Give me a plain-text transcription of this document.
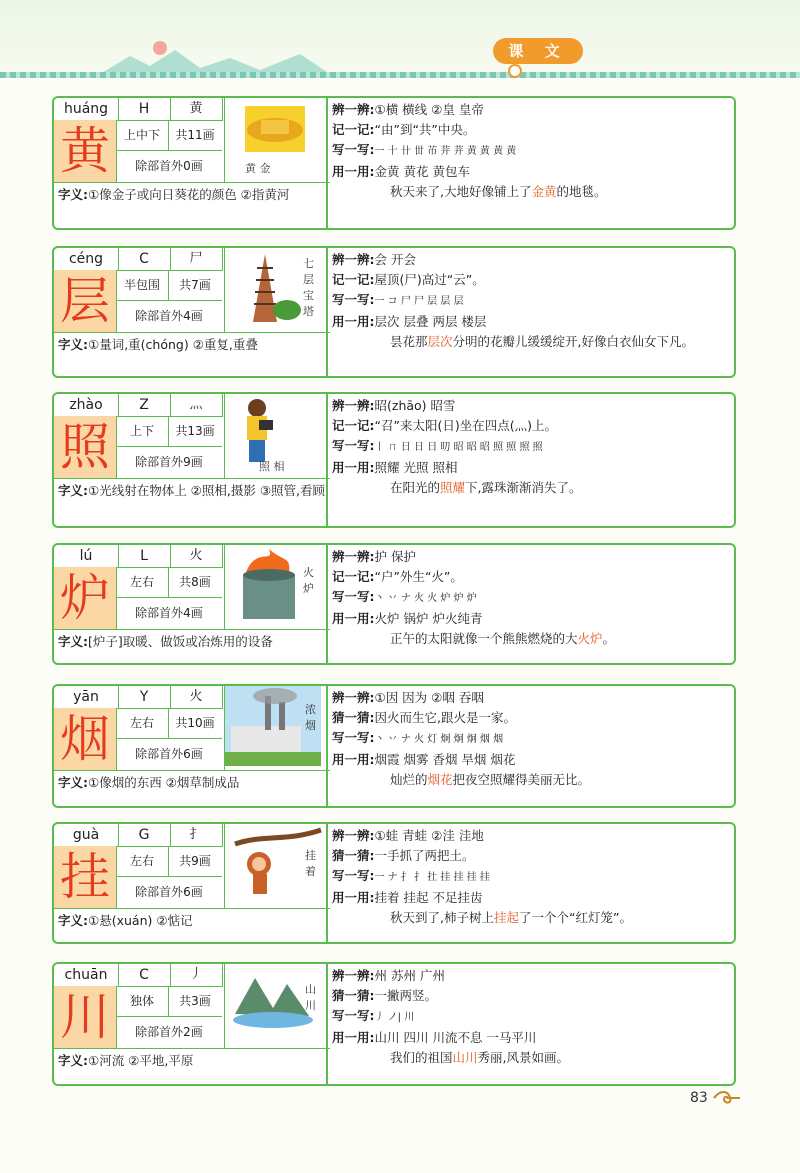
课 文
huáng	H	黄
黄	上中下	共11画
除部首外0画	黄 金
字义:①像金子或向日葵花的颜色 ②指黄河
辨一辨:①横 横线 ②皇 皇帝
记一记:“由”到“共”中央。
写一写:一 十 卄 丗 芇 茾 茾 黄 黄 黄 黄
用一用:金黄 黄花 黄包车
秋天来了,大地好像铺上了金黄的地毯。
céng	C	尸
层	半包围	共7画
除部首外4画
七层宝塔
字义:①量词,重(chóng) ②重复,重叠
辨一辨:会 开会
记一记:屋顶(尸)高过“云”。
写一写:一 コ 尸 尸 层 层 层
用一用:层次 层叠 两层 楼层
昙花那层次分明的花瓣儿缓缓绽开,好像白衣仙女下凡。
zhào	Z	灬
照	上下	共13画
除部首外9画	照 相
字义:①光线射在物体上 ②照相,摄影 ③照管,看顾
辨一辨:昭(zhāo) 昭雪
记一记:“召”来太阳(日)坐在四点(灬)上。
写一写:丨 ㄇ 日 日 日 旫 昭 昭 昭 照 照 照 照
用一用:照耀 光照 照相
在阳光的照耀下,露珠渐渐消失了。
lú	L	火
炉	左右	共8画
除部首外4画
火炉
字义:[炉子]取暖、做饭或冶炼用的设备
辨一辨:护 保护
记一记:“户”外生“火”。
写一写:丶 丷 ナ 火 火 炉 炉 炉
用一用:火炉 锅炉 炉火纯青
正午的太阳就像一个熊熊燃烧的大火炉。
yān	Y	火
烟	左右	共10画
除部首外6画
浓烟
字义:①像烟的东西 ②烟草制成品
辨一辨:①因 因为 ②咽 吞咽
猜一猜:因火而生它,跟火是一家。
写一写:丶 丷 ナ 火 灯 炯 炯 炯 烟 烟
用一用:烟霞 烟雾 香烟 旱烟 烟花
灿烂的烟花把夜空照耀得美丽无比。
guà	G	扌
挂	左右	共9画
除部首外6画
挂着
字义:①悬(xuán) ②惦记
辨一辨:①蛙 青蛙 ②洼 洼地
猜一猜:一手抓了两把土。
写一写:一 ナ 扌 扌 扗 挂 挂 挂 挂
用一用:挂着 挂起 不足挂齿
秋天到了,柿子树上挂起了一个个“红灯笼”。
chuān	C	丿
川	独体	共3画
除部首外2画
山川
字义:①河流 ②平地,平原
辨一辨:州 苏州 广州
猜一猜:一撇两竖。
写一写:丿 ノ| 川
用一用:山川 四川 川流不息 一马平川
我们的祖国山川秀丽,风景如画。
83
